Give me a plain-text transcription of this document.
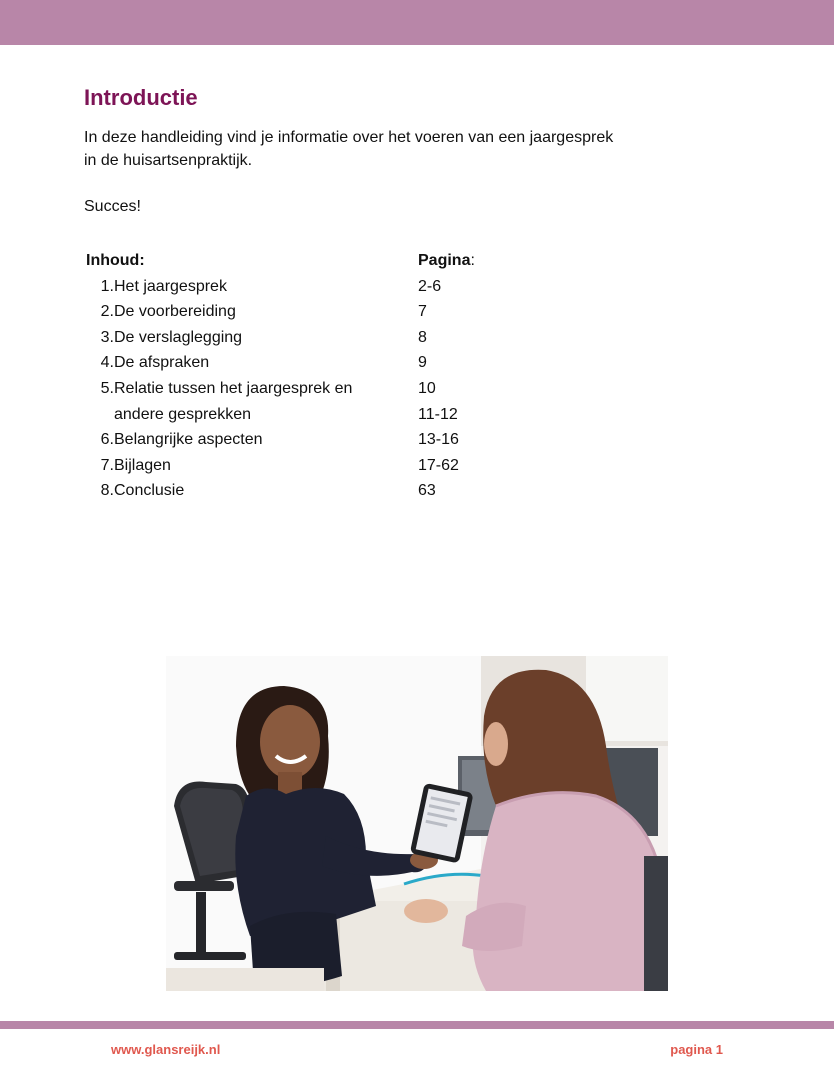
Introductie

In deze handleiding vind je informatie over het voeren van een jaargesprek
in de huisartsenpraktijk.

Succes!

Inhoud:	Pagina:
1. Het jaargesprek	2-6
2. De voorbereiding	7
3. De verslaglegging	8
4. De afspraken	9
5. Relatie tussen het jaargesprek en	10
andere gesprekken	11-12
6. Belangrijke aspecten	13-16
7. Bijlagen	17-62
8. Conclusie	63
www.glansreijk.nl	pagina 1
